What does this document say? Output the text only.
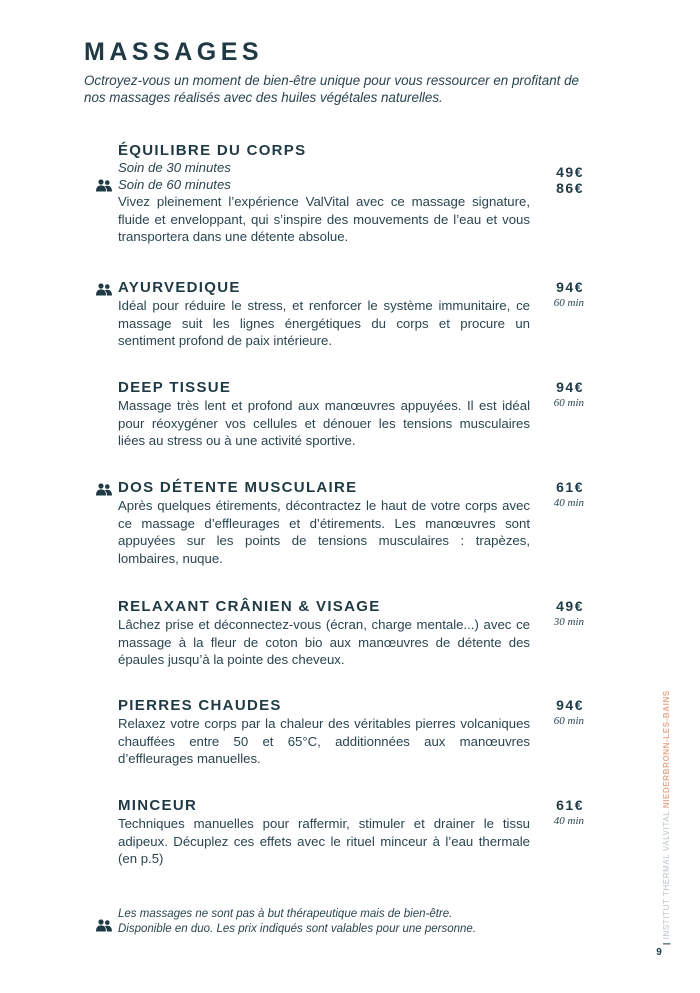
MASSAGES
Octroyez-vous un moment de bien-être unique pour vous ressourcer en profitant de nos massages réalisés avec des huiles végétales naturelles.
ÉQUILIBRE DU CORPS
Soin de 30 minutes
Soin de 60 minutes
Vivez pleinement l’expérience ValVital avec ce massage signature, fluide et enveloppant, qui s’inspire des mouvements de l’eau et vous transportera dans une détente absolue.
49€
86€
AYURVEDIQUE
Idéal pour réduire le stress, et renforcer le système immunitaire, ce massage suit les lignes énergétiques du corps et procure un sentiment profond de paix intérieure.
94€
60 min
DEEP TISSUE
Massage très lent et profond aux manœuvres appuyées. Il est idéal pour réoxygéner vos cellules et dénouer les tensions musculaires liées au stress ou à une activité sportive.
94€
60 min
DOS DÉTENTE MUSCULAIRE
Après quelques étirements, décontractez le haut de votre corps avec ce massage d’effleurages et d’étirements. Les manœuvres sont appuyées sur les points de tensions musculaires : trapèzes, lombaires, nuque.
61€
40 min
RELAXANT CRÂNIEN & VISAGE
Lâchez prise et déconnectez-vous (écran, charge mentale...) avec ce massage à la fleur de coton bio aux manœuvres de détente des épaules jusqu’à la pointe des cheveux.
49€
30 min
PIERRES CHAUDES
Relaxez votre corps par la chaleur des véritables pierres volcaniques chauffées entre 50 et 65°C, additionnées aux manœuvres d’effleurages manuelles.
94€
60 min
MINCEUR
Techniques manuelles pour raffermir, stimuler et drainer le tissu adipeux. Décuplez ces effets avec le rituel minceur à l’eau thermale (en p.5)
61€
40 min
Les massages ne sont pas à but thérapeutique mais de bien-être.
Disponible en duo. Les prix indiqués sont valables pour une personne.
| INSTITUT THERMAL VALVITAL NIEDERBRONN-LES-BAINS
9
